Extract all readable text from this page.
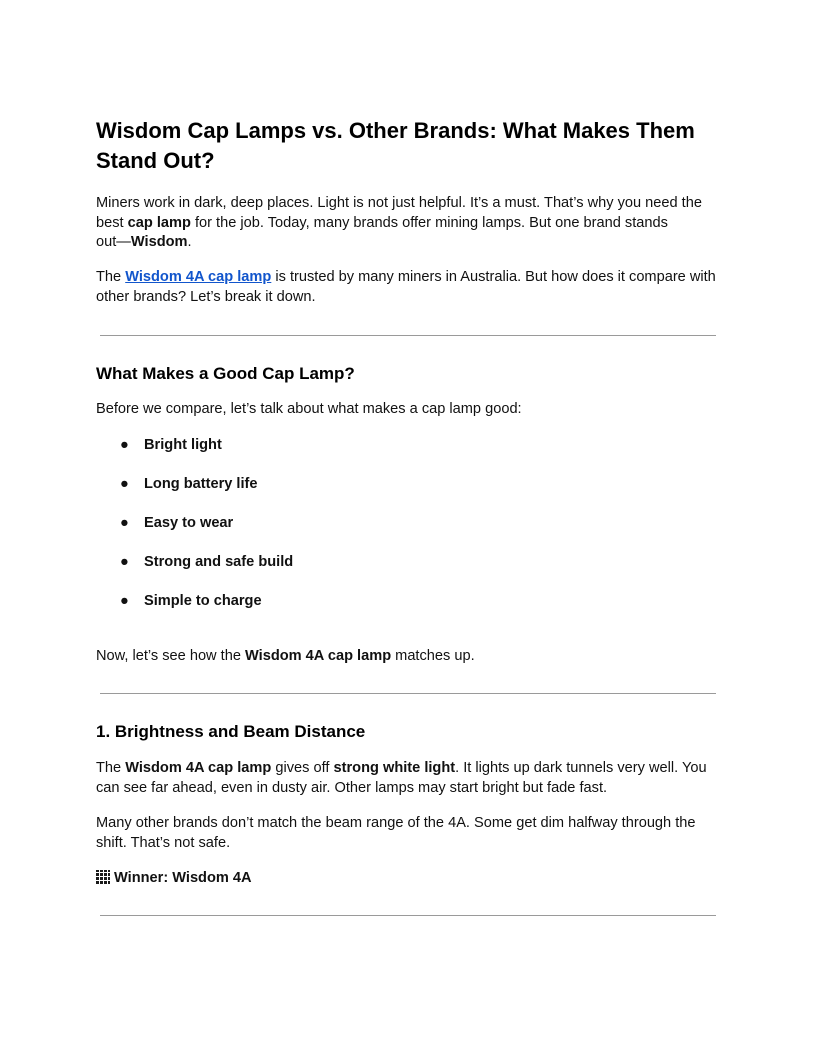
Wisdom Cap Lamps vs. Other Brands: What Makes Them
Stand Out?

Miners work in dark, deep places. Light is not just helpful. It’s a must. That’s why you need the
best cap lamp for the job. Today, many brands offer mining lamps. But one brand stands
out—Wisdom.

The Wisdom 4A cap lamp is trusted by many miners in Australia. But how does it compare with
other brands? Let’s break it down.

What Makes a Good Cap Lamp?

Before we compare, let’s talk about what makes a cap lamp good:

● Bright light
● Long battery life
● Easy to wear
● Strong and safe build
● Simple to charge

Now, let’s see how the Wisdom 4A cap lamp matches up.

1. Brightness and Beam Distance

The Wisdom 4A cap lamp gives off strong white light. It lights up dark tunnels very well. You
can see far ahead, even in dusty air. Other lamps may start bright but fade fast.

Many other brands don’t match the beam range of the 4A. Some get dim halfway through the
shift. That’s not safe.

Winner: Wisdom 4A
